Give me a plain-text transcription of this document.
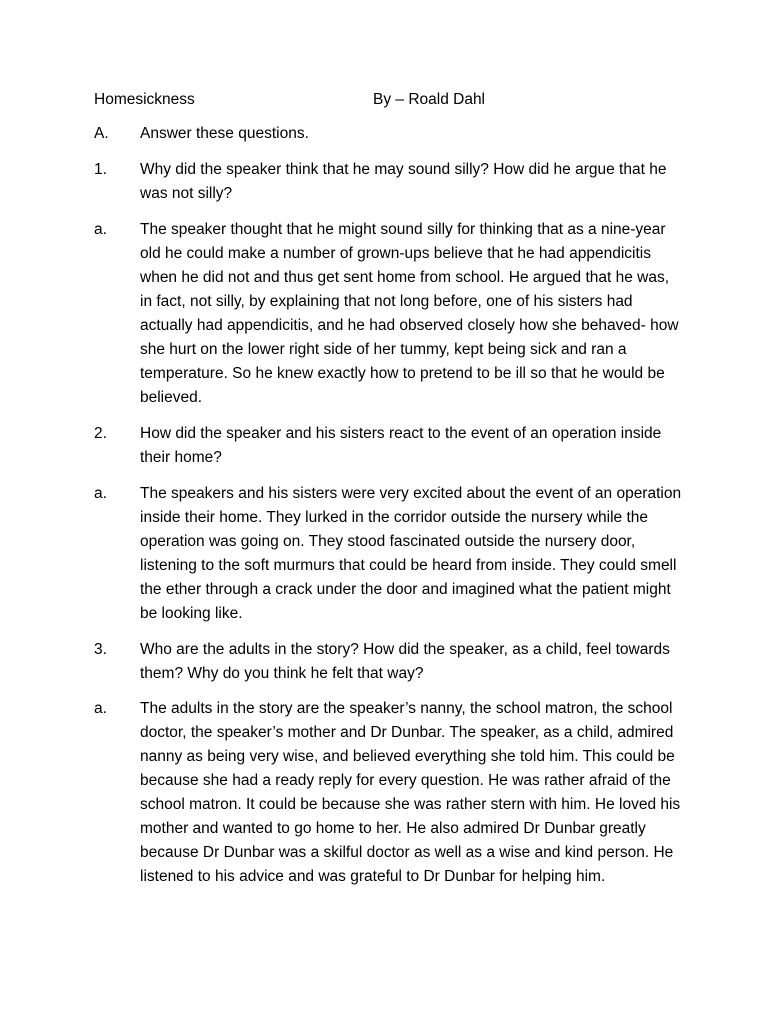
Homesickness	By – Roald Dahl
A.	Answer these questions.
1.	Why did the speaker think that he may sound silly? How did he argue that he was not silly?
a.	The speaker thought that he might sound silly for thinking that as a nine-year old he could make a number of grown-ups believe that he had appendicitis when he did not and thus get sent home from school. He argued that he was, in fact, not silly, by explaining that not long before, one of his sisters had actually had appendicitis, and he had observed closely how she behaved- how she hurt on the lower right side of her tummy, kept being sick and ran a temperature. So he knew exactly how to pretend to be ill so that he would be believed.
2.	How did the speaker and his sisters react to the event of an operation inside their home?
a.	The speakers and his sisters were very excited about the event of an operation inside their home. They lurked in the corridor outside the nursery while the operation was going on. They stood fascinated outside the nursery door, listening to the soft murmurs that could be heard from inside. They could smell the ether through a crack under the door and imagined what the patient might be looking like.
3.	Who are the adults in the story? How did the speaker, as a child, feel towards them? Why do you think he felt that way?
a.	The adults in the story are the speaker’s nanny, the school matron, the school doctor, the speaker’s mother and Dr Dunbar. The speaker, as a child, admired nanny as being very wise, and believed everything she told him. This could be because she had a ready reply for every question. He was rather afraid of the school matron. It could be because she was rather stern with him. He loved his mother and wanted to go home to her. He also admired Dr Dunbar greatly because Dr Dunbar was a skilful doctor as well as a wise and kind person. He listened to his advice and was grateful to Dr Dunbar for helping him.
